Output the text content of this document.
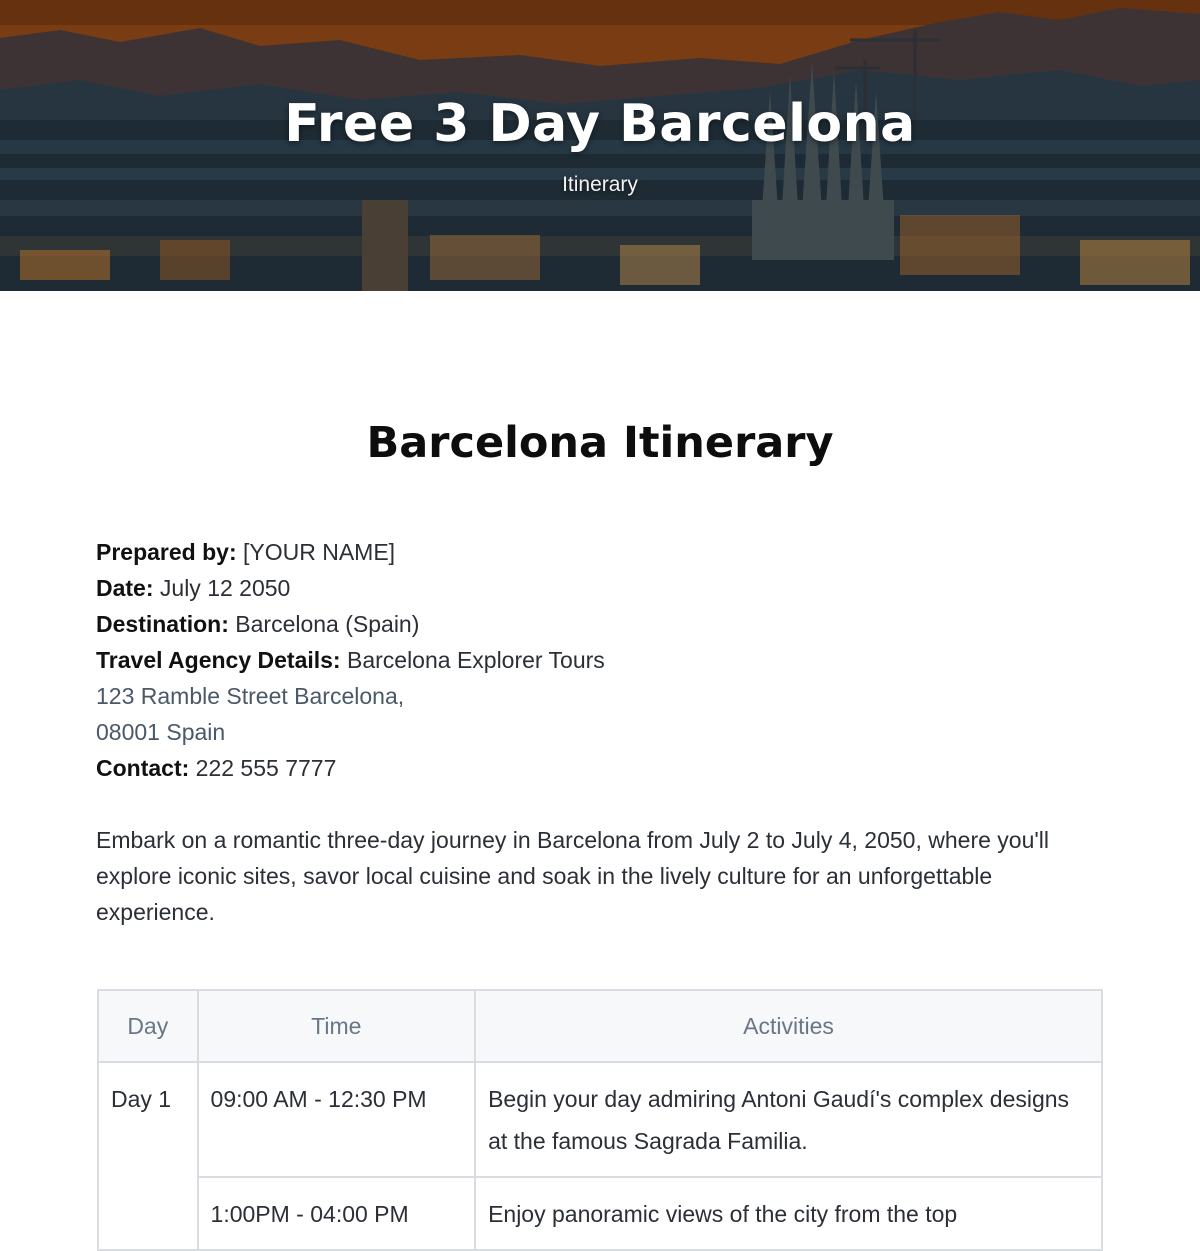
Free 3 Day Barcelona
Itinerary
Barcelona Itinerary
Prepared by: [YOUR NAME]
Date: July 12 2050
Destination: Barcelona (Spain)
Travel Agency Details: Barcelona Explorer Tours
123 Ramble Street Barcelona,
08001 Spain
Contact: 222 555 7777
Embark on a romantic three-day journey in Barcelona from July 2 to July 4, 2050, where you'll explore iconic sites, savor local cuisine and soak in the lively culture for an unforgettable experience.
Day	Time	Activities
Day 1	09:00 AM - 12:30 PM	Begin your day admiring Antoni Gaudí's complex designs at the famous Sagrada Familia.
	1:00PM - 04:00 PM	Enjoy panoramic views of the city from the top
